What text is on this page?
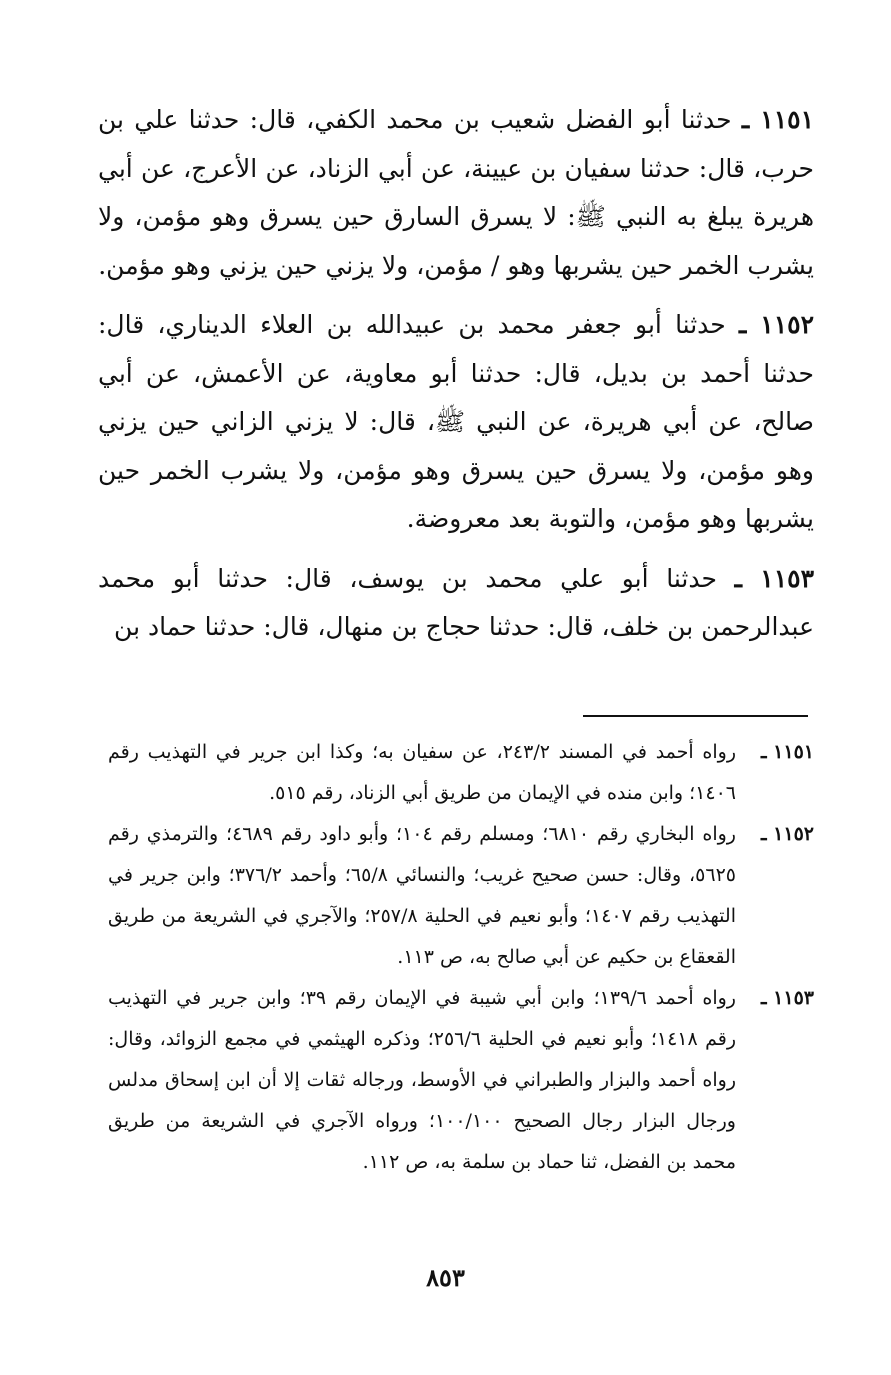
١١٥١ ـ حدثنا أبو الفضل شعيب بن محمد الكفي، قال: حدثنا علي بن حرب، قال: حدثنا سفيان بن عيينة، عن أبي الزناد، عن الأعرج، عن أبي هريرة يبلغ به النبي ﷺ: لا يسرق السارق حين يسرق وهو مؤمن، ولا يشرب الخمر حين يشربها وهو / مؤمن، ولا يزني حين يزني وهو مؤمن.

١١٥٢ ـ حدثنا أبو جعفر محمد بن عبيدالله بن العلاء الديناري، قال: حدثنا أحمد بن بديل، قال: حدثنا أبو معاوية، عن الأعمش، عن أبي صالح، عن أبي هريرة، عن النبي ﷺ، قال: لا يزني الزاني حين يزني وهو مؤمن، ولا يسرق حين يسرق وهو مؤمن، ولا يشرب الخمر حين يشربها وهو مؤمن، والتوبة بعد معروضة.

١١٥٣ ـ حدثنا أبو علي محمد بن يوسف، قال: حدثنا أبو محمد عبدالرحمن بن خلف، قال: حدثنا حجاج بن منهال، قال: حدثنا حماد بن

١١٥١ ـ
رواه أحمد في المسند ٢٤٣/٢، عن سفيان به؛ وكذا ابن جرير في التهذيب رقم ١٤٠٦؛ وابن منده في الإيمان من طريق أبي الزناد، رقم ٥١٥.
١١٥٢ ـ
رواه البخاري رقم ٦٨١٠؛ ومسلم رقم ١٠٤؛ وأبو داود رقم ٤٦٨٩؛ والترمذي رقم ٥٦٢٥، وقال: حسن صحيح غريب؛ والنسائي ٦٥/٨؛ وأحمد ٣٧٦/٢؛ وابن جرير في التهذيب رقم ١٤٠٧؛ وأبو نعيم في الحلية ٢٥٧/٨؛ والآجري في الشريعة من طريق القعقاع بن حكيم عن أبي صالح به، ص ١١٣.
١١٥٣ ـ
رواه أحمد ١٣٩/٦؛ وابن أبي شيبة في الإيمان رقم ٣٩؛ وابن جرير في التهذيب رقم ١٤١٨؛ وأبو نعيم في الحلية ٢٥٦/٦؛ وذكره الهيثمي في مجمع الزوائد، وقال: رواه أحمد والبزار والطبراني في الأوسط، ورجاله ثقات إلا أن ابن إسحاق مدلس ورجال البزار رجال الصحيح ١٠٠/١٠٠؛ ورواه الآجري في الشريعة من طريق محمد بن الفضل، ثنا حماد بن سلمة به، ص ١١٢.
٨٥٣
